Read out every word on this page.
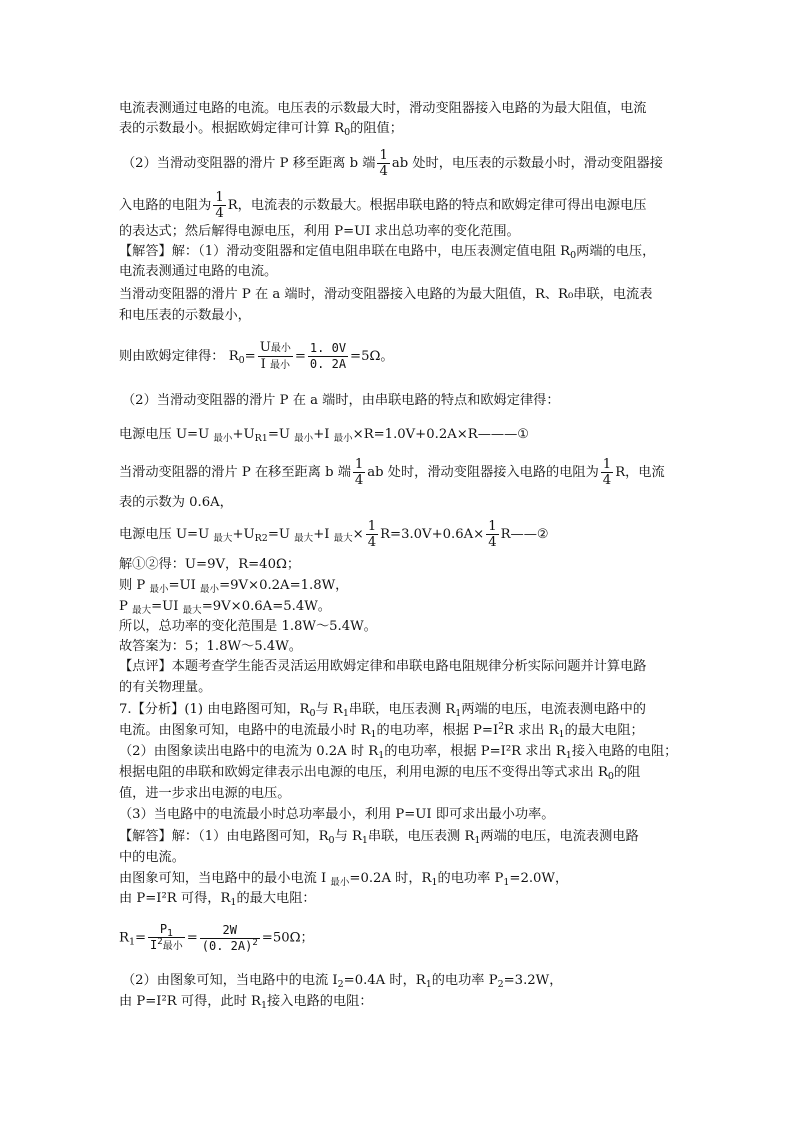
电流表测通过电路的电流。电压表的示数最大时，滑动变阻器接入电路的为最大阻值，电流
表的示数最小。根据欧姆定律可计算 $R_0$的阻值；
（2）当滑动变阻器的滑片 P 移至距离 b 端 $\frac{1}{4}$ ab 处时，电压表的示数最小时，滑动变阻器接
入电路的电阻为 $\frac{1}{4}$ R，电流表的示数最大。根据串联电路的特点和欧姆定律可得出电源电压
的表达式；然后解得电源电压，利用 P=UI 求出总功率的变化范围。
【解答】解：（1）滑动变阻器和定值电阻串联在电路中，电压表测定值电阻 $R_0$两端的电压，
电流表测通过电路的电流。
当滑动变阻器的滑片 P 在 a 端时，滑动变阻器接入电路的为最大阻值，R、R₀串联，电流表
和电压表的示数最小，
则由欧姆定律得： $R_0= \frac{\text{U最小}}{\text{I 最小}} = \frac{1. 0V}{0. 2A} =5\Omega$。
（2）当滑动变阻器的滑片 P 在 a 端时，由串联电路的特点和欧姆定律得：
电源电压 U=U $_{最小}+U_{R1}=U$ $_{最小}$+I $_{最小}$×R=1.0V+0.2A×R———①
当滑动变阻器的滑片 P 在移至距离 b 端 $\frac{1}{4}$ ab 处时，滑动变阻器接入电路的电阻为 $\frac{1}{4}$ R，电流
表的示数为 0.6A，
电源电压 U=U $_{最大}+U_{R2}=U$ $_{最大}$+I $_{最大}\times \frac{1}{4} R=3.0V+0.6A\times \frac{1}{4}$ R——②
解①②得：U=9V，R=40Ω；
则 P $_{最小}$=UI $_{最小}$=9V×0.2A=1.8W，
P $_{最大}$=UI $_{最大}$=9V×0.6A=5.4W。
所以，总功率的变化范围是 1.8W～5.4W。
故答案为：5；1.8W～5.4W。
【点评】本题考查学生能否灵活运用欧姆定律和串联电路电阻规律分析实际问题并计算电路
的有关物理量。
7.【分析】(1) 由电路图可知，$R_0$与 $R_1$串联，电压表测 $R_1$两端的电压，电流表测电路中的
电流。由图象可知，电路中的电流最小时 $R_1$的电功率，根据 $P=I^2R$ 求出 $R_1$的最大电阻；
（2）由图象读出电路中的电流为 0.2A 时 $R_1$的电功率，根据 P=I²R 求出 $R_1$接入电路的电阻；
根据电阻的串联和欧姆定律表示出电源的电压，利用电源的电压不变得出等式求出 $R_0$的阻
值，进一步求出电源的电压。
（3）当电路中的电流最小时总功率最小，利用 P=UI 即可求出最小功率。
【解答】解：（1）由电路图可知，$R_0$与 $R_1$串联，电压表测 $R_1$两端的电压，电流表测电路
中的电流。
由图象可知，当电路中的最小电流 I $_{最小}$=0.2A 时，$R_1$的电功率 $P_1=2.0W$，
由 P=I²R 可得，$R_1$的最大电阻：
$R_1= \frac{P_1}{I^2最小} = \frac{2W}{(0. 2A)^2} =50\Omega$；
（2）由图象可知，当电路中的电流 $I_2=0.4A$ 时，$R_1$的电功率 $P_2=3.2W$，
由 P=I²R 可得，此时 $R_1$接入电路的电阻：
